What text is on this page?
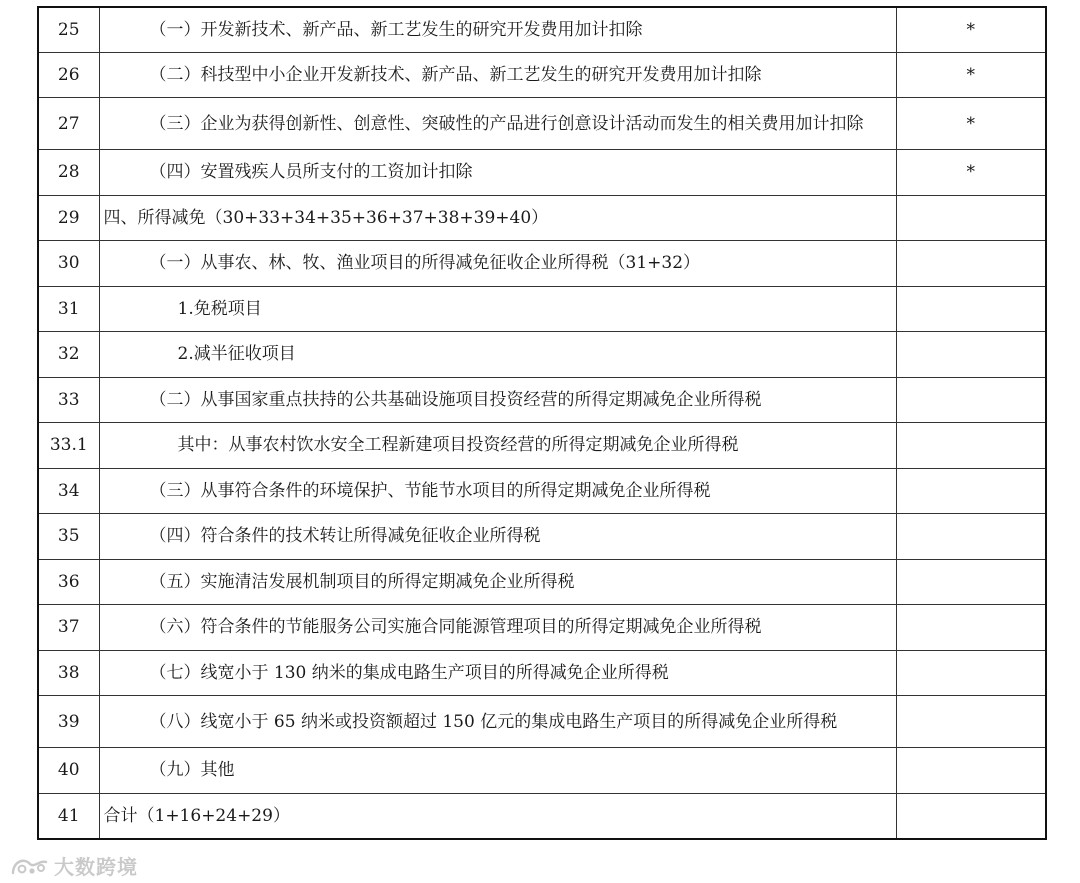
25	（一）开发新技术、新产品、新工艺发生的研究开发费用加计扣除	*
26	（二）科技型中小企业开发新技术、新产品、新工艺发生的研究开发费用加计扣除	*
27	（三）企业为获得创新性、创意性、突破性的产品进行创意设计活动而发生的相关费用加计扣除	*
28	（四）安置残疾人员所支付的工资加计扣除	*
29	四、所得减免（30+33+34+35+36+37+38+39+40）	
30	（一）从事农、林、牧、渔业项目的所得减免征收企业所得税（31+32）	
31	1.免税项目	
32	2.减半征收项目	
33	（二）从事国家重点扶持的公共基础设施项目投资经营的所得定期减免企业所得税	
33.1	其中：从事农村饮水安全工程新建项目投资经营的所得定期减免企业所得税	
34	（三）从事符合条件的环境保护、节能节水项目的所得定期减免企业所得税	
35	（四）符合条件的技术转让所得减免征收企业所得税	
36	（五）实施清洁发展机制项目的所得定期减免企业所得税	
37	（六）符合条件的节能服务公司实施合同能源管理项目的所得定期减免企业所得税	
38	（七）线宽小于 130 纳米的集成电路生产项目的所得减免企业所得税	
39	（八）线宽小于 65 纳米或投资额超过 150 亿元的集成电路生产项目的所得减免企业所得税	
40	（九）其他	
41	合计（1+16+24+29）	
大数跨境
